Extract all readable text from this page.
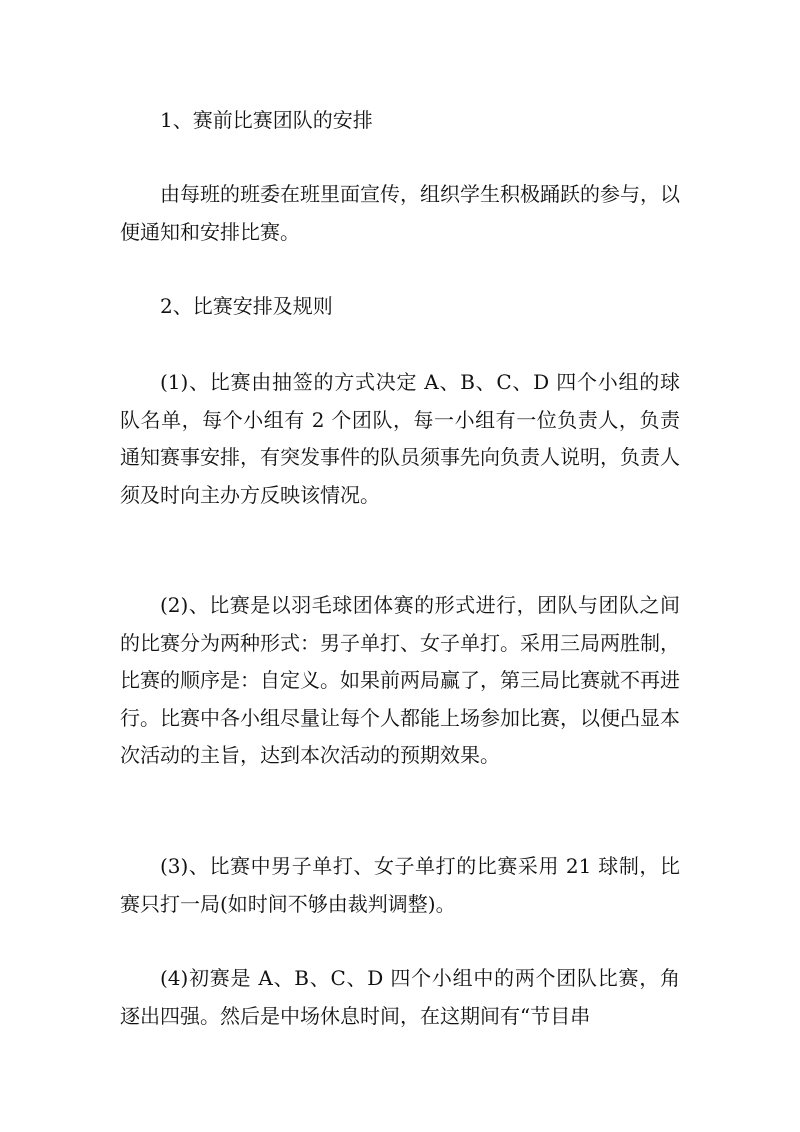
1、赛前比赛团队的安排

由每班的班委在班里面宣传，组织学生积极踊跃的参与，以便通知和安排比赛。

2、比赛安排及规则

(1)、比赛由抽签的方式决定 A、B、C、D 四个小组的球队名单，每个小组有 2 个团队，每一小组有一位负责人，负责通知赛事安排，有突发事件的队员须事先向负责人说明，负责人须及时向主办方反映该情况。

(2)、比赛是以羽毛球团体赛的形式进行，团队与团队之间的比赛分为两种形式：男子单打、女子单打。采用三局两胜制，比赛的顺序是：自定义。如果前两局赢了，第三局比赛就不再进行。比赛中各小组尽量让每个人都能上场参加比赛，以便凸显本次活动的主旨，达到本次活动的预期效果。

(3)、比赛中男子单打、女子单打的比赛采用 21 球制，比赛只打一局(如时间不够由裁判调整)。

(4)初赛是 A、B、C、D 四个小组中的两个团队比赛，角逐出四强。然后是中场休息时间，在这期间有“节目串
